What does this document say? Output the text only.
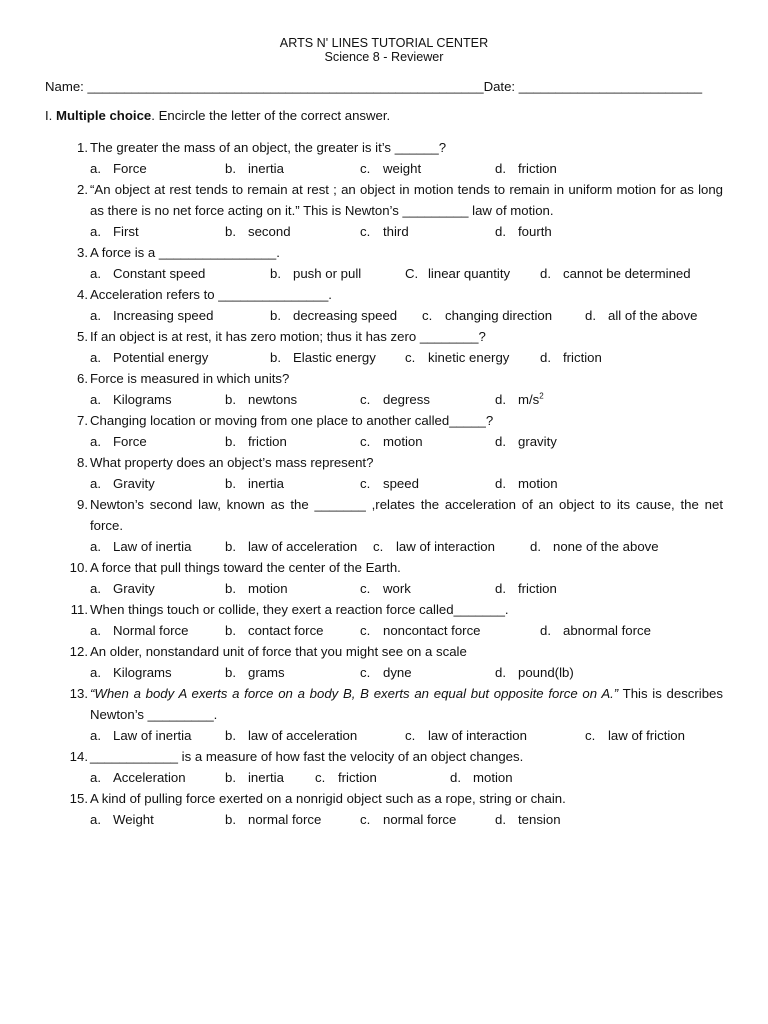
ARTS N' LINES TUTORIAL CENTER
Science 8 - Reviewer
Name: ______________________________________________________Date: _________________________
I. Multiple choice. Encircle the letter of the correct answer.
1. The greater the mass of an object, the greater is it’s ______?
a. Force	b. inertia	c. weight	d. friction
2. “An object at rest tends to remain at rest ; an object in motion tends to remain in uniform motion for as long as there is no net force acting on it.” This is Newton’s _________ law of motion.
a. First	b. second	c. third	d. fourth
3. A force is a ________________.
a. Constant speed	b. push or pull	C. linear quantity d. cannot be determined
4. Acceleration refers to _______________.
a. Increasing speed	b. decreasing speed c. changing direction d. all of the above
5. If an object is at rest, it has zero motion; thus it has zero ________?
a. Potential energy	b. Elastic energy c. kinetic energy d. friction
6. Force is measured in which units?
a. Kilograms	b. newtons	c. degress	d. $m/s^2$
7. Changing location or moving from one place to another called_____?
a. Force	b. friction	c. motion	d. gravity
8. What property does an object’s mass represent?
a. Gravity	b. inertia	c. speed	d. motion
9. Newton’s second law, known as the _______ ,relates the acceleration of an object to its cause, the net force.
a. Law of inertia	b. law of acceleration c. law of interaction	d. none of the above
10. A force that pull things toward the center of the Earth.
a. Gravity	b. motion	c. work	d. friction
11. When things touch or collide, they exert a reaction force called_______.
a. Normal force	b. contact force	c. noncontact force	d. abnormal force
12. An older, nonstandard unit of force that you might see on a scale
a. Kilograms	b. grams	c. dyne	d. pound(lb)
13. “When a body A exerts a force on a body B, B exerts an equal but opposite force on A.” This is describes Newton’s _________.
a. Law of inertia	b. law of acceleration	c. law of interaction	c. law of friction
14. ____________ is a measure of how fast the velocity of an object changes.
a. Acceleration	b. inertia c. friction	d. motion
15. A kind of pulling force exerted on a nonrigid object such as a rope, string or chain.
a. Weight	b. normal force	c. normal force	d. tension
